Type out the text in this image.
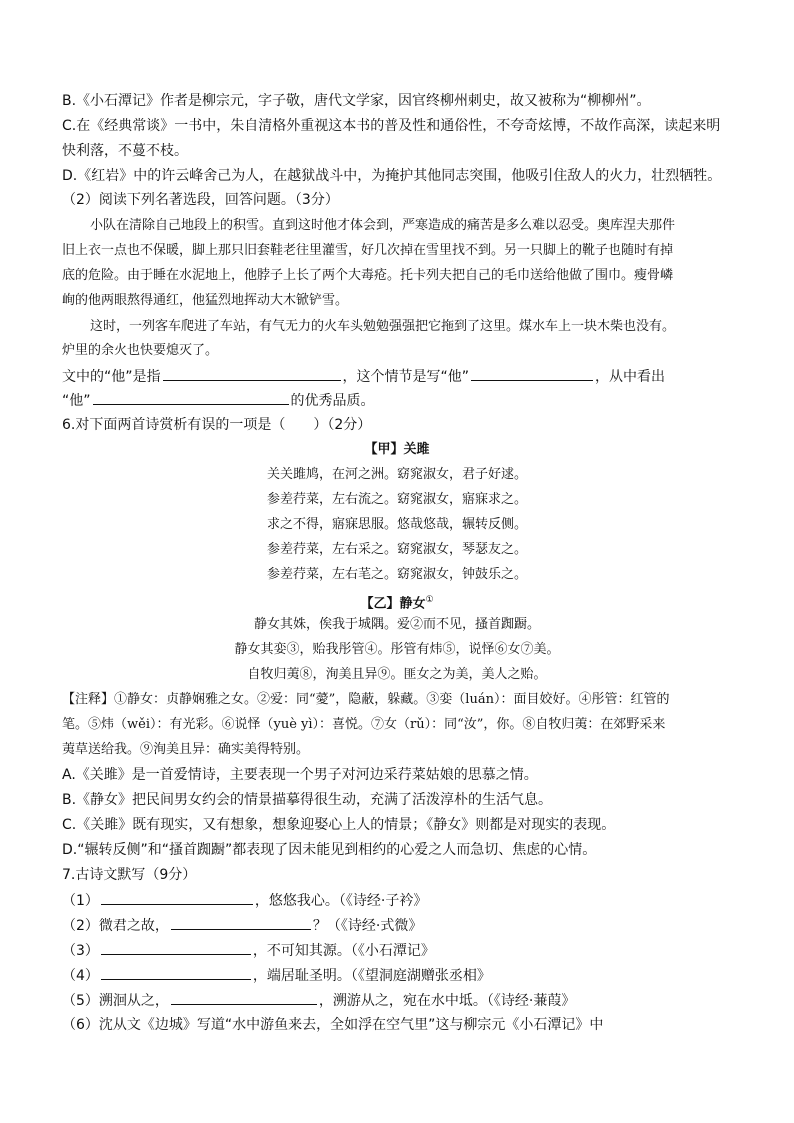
B.《小石潭记》作者是柳宗元，字子敬，唐代文学家，因官终柳州刺史，故又被称为“柳柳州”。
C.在《经典常谈》一书中，朱自清格外重视这本书的普及性和通俗性，不夸奇炫博，不故作高深，读起来明
快利落，不蔓不枝。
D.《红岩》中的许云峰舍己为人，在越狱战斗中，为掩护其他同志突围，他吸引住敌人的火力，壮烈牺牲。
（2）阅读下列名著选段，回答问题。（3分）
小队在清除自己地段上的积雪。直到这时他才体会到，严寒造成的痛苦是多么难以忍受。奥库涅夫那件
旧上衣一点也不保暖，脚上那只旧套鞋老往里灌雪，好几次掉在雪里找不到。另一只脚上的靴子也随时有掉
底的危险。由于睡在水泥地上，他脖子上长了两个大毒疮。托卡列夫把自己的毛巾送给他做了围巾。瘦骨嶙
峋的他两眼熬得通红，他猛烈地挥动大木锨铲雪。
这时，一列客车爬进了车站，有气无力的火车头勉勉强强把它拖到了这里。煤水车上一块木柴也没有。
炉里的余火也快要熄灭了。
文中的“他”是指	，这个情节是写“他”	，从中看出
“他”	的优秀品质。
6.对下面两首诗赏析有误的一项是（　　）（2分）
【甲】关雎
关关雎鸠，在河之洲。窈窕淑女，君子好逑。
参差荇菜，左右流之。窈窕淑女，寤寐求之。
求之不得，寤寐思服。悠哉悠哉，辗转反侧。
参差荇菜，左右采之。窈窕淑女，琴瑟友之。
参差荇菜，左右芼之。窈窕淑女，钟鼓乐之。
【乙】静女①
静女其姝，俟我于城隅。爱②而不见，搔首踟蹰。
静女其娈③，贻我彤管④。彤管有炜⑤，说怿⑥女⑦美。
自牧归荑⑧，洵美且异⑨。匪女之为美，美人之贻。
【注释】①静女：贞静娴雅之女。②爱：同“薆”，隐蔽，躲藏。③娈（luán）：面目姣好。④彤管：红管的
笔。⑤炜（wěi）：有光彩。⑥说怿（yuè yì）：喜悦。⑦女（rǔ）：同“汝”，你。⑧自牧归荑：在郊野采来
荑草送给我。⑨洵美且异：确实美得特别。
A.《关雎》是一首爱情诗，主要表现一个男子对河边采荇菜姑娘的思慕之情。
B.《静女》把民间男女约会的情景描摹得很生动，充满了活泼淳朴的生活气息。
C.《关雎》既有现实，又有想象，想象迎娶心上人的情景；《静女》则都是对现实的表现。
D.“辗转反侧”和“搔首踟蹰”都表现了因未能见到相约的心爱之人而急切、焦虑的心情。
7.古诗文默写（9分）
（1）	，悠悠我心。（《诗经·子衿》
（2）微君之故，	？（《诗经·式微》
（3）	，不可知其源。（《小石潭记》
（4）	，端居耻圣明。（《望洞庭湖赠张丞相》
（5）溯洄从之，	，溯游从之，宛在水中坻。（《诗经·蒹葭》
（6）沈从文《边城》写道“水中游鱼来去，全如浮在空气里”这与柳宗元《小石潭记》中
